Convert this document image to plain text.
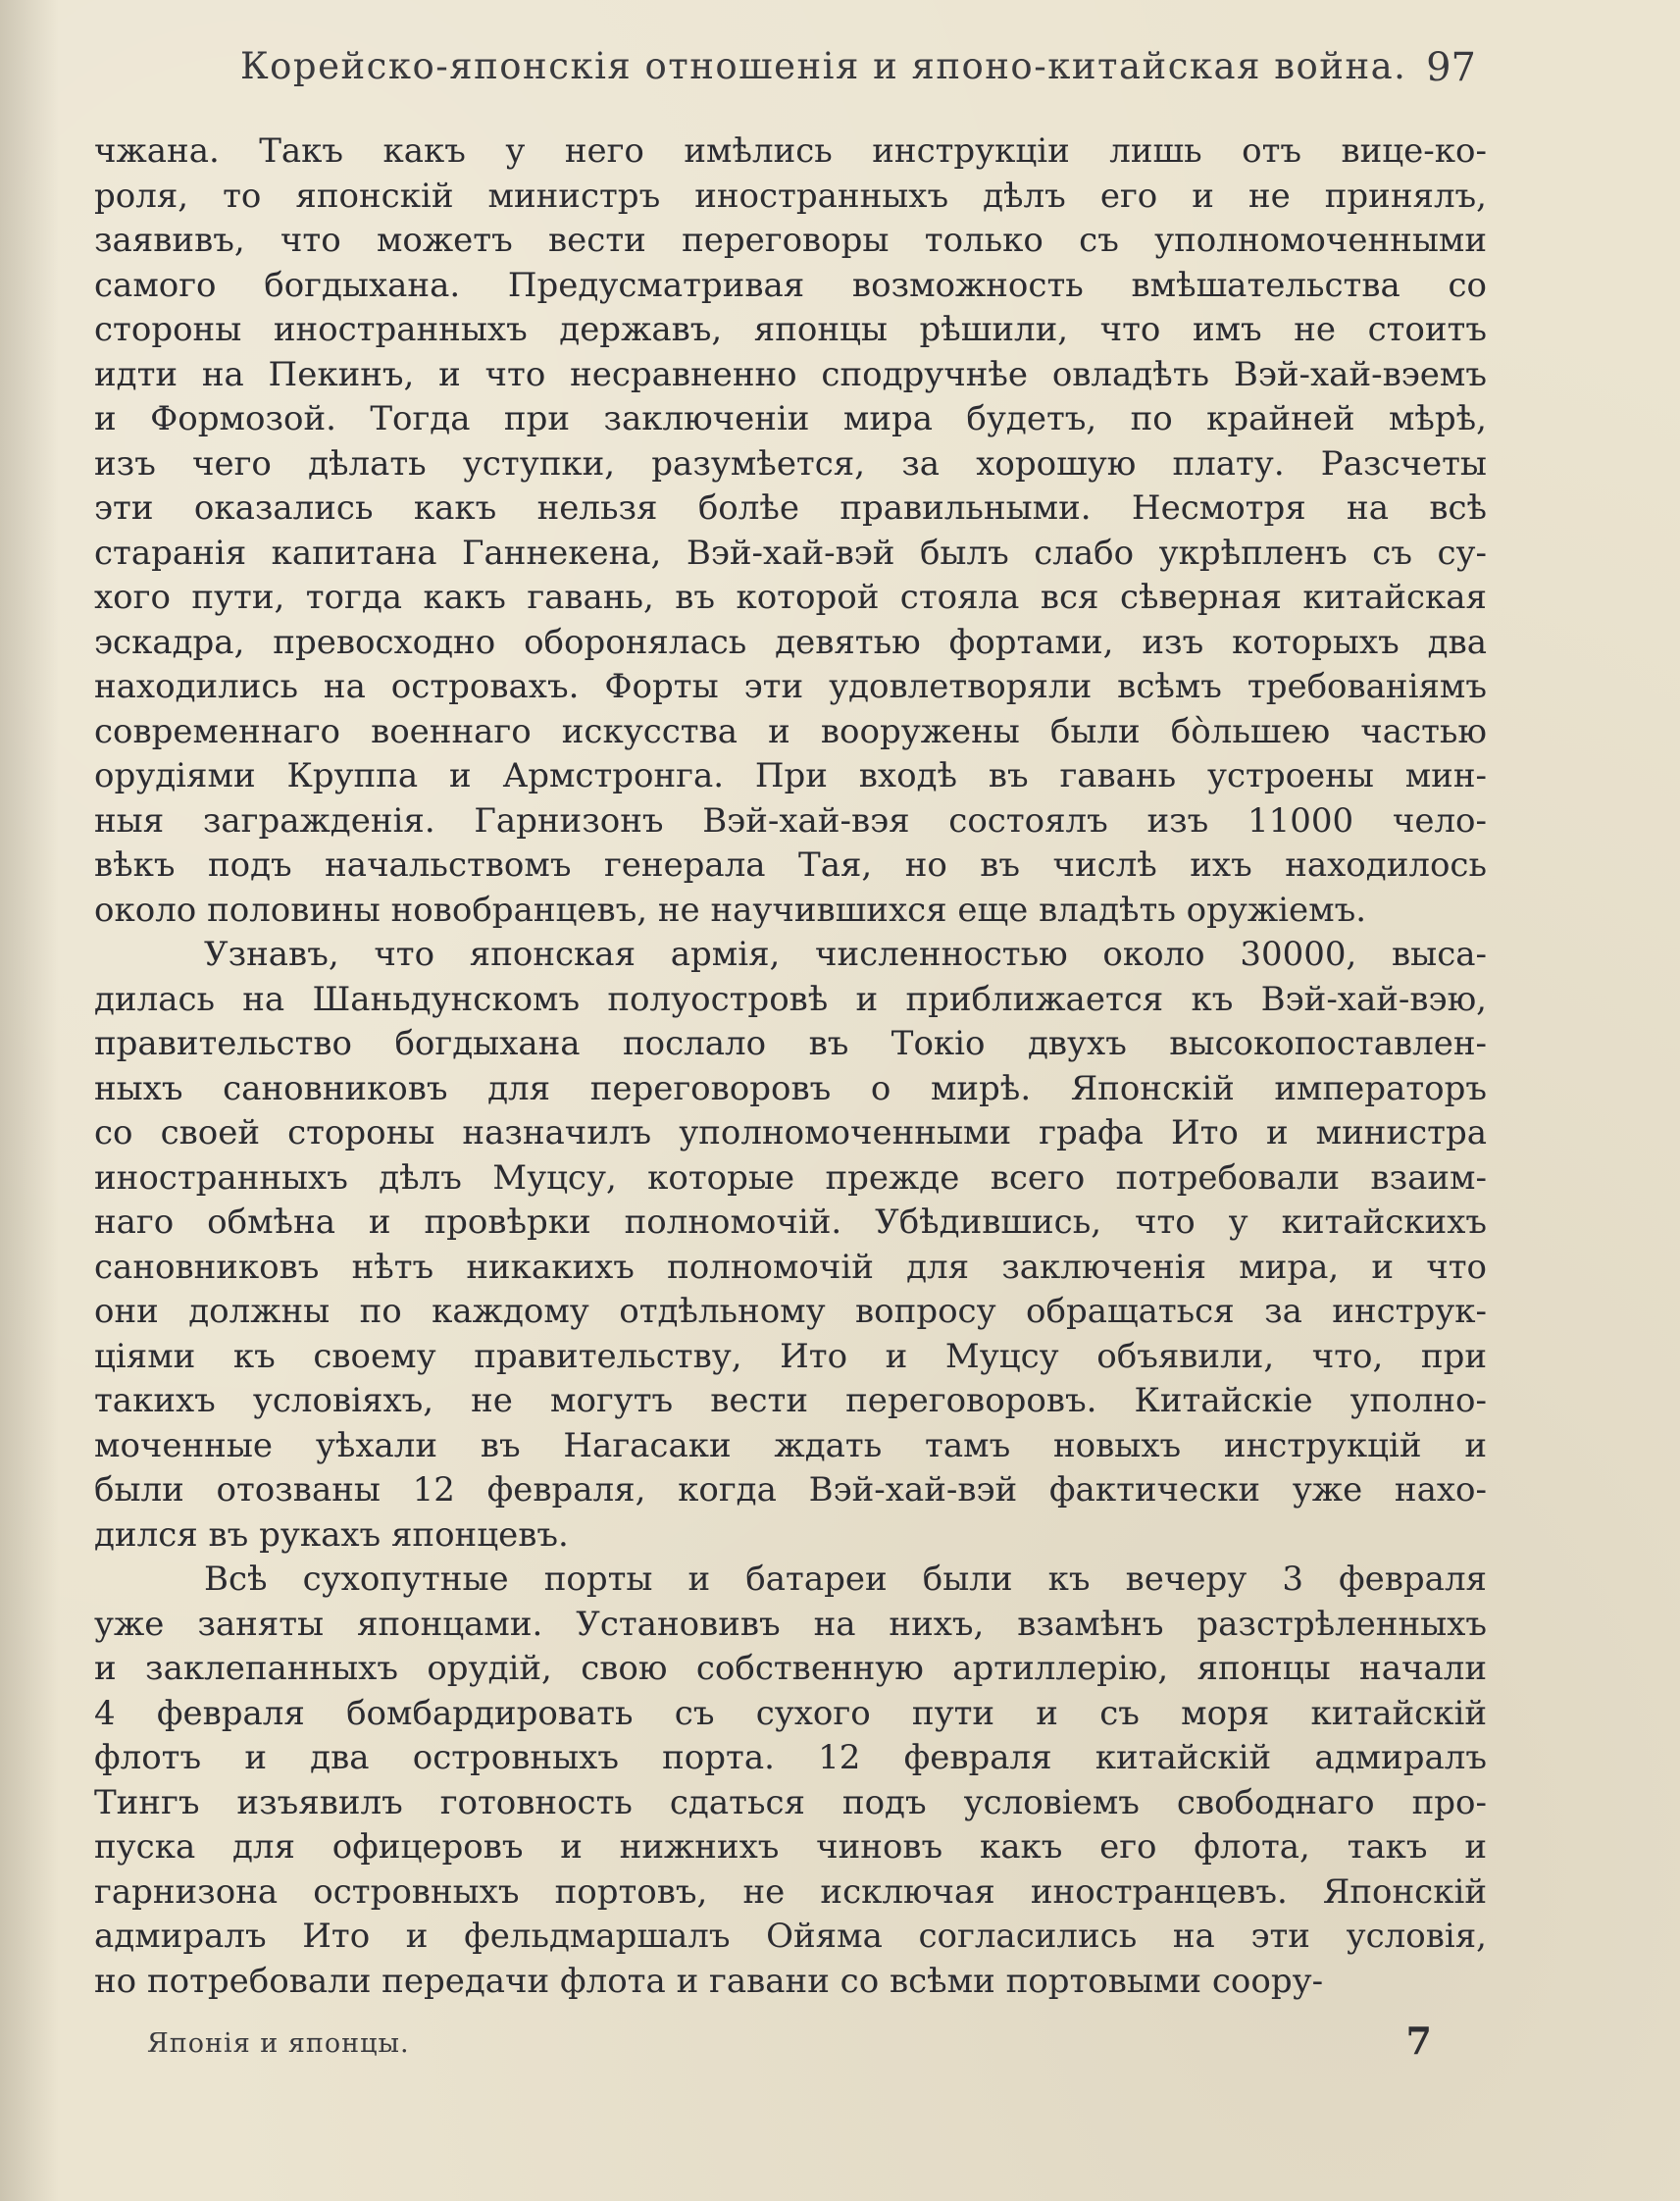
Корейско-японскія отношенія и японо-китайская война. 97
чжана. Такъ какъ у него имѣлись инструкціи лишь отъ вице-ко-
роля, то японскій министръ иностранныхъ дѣлъ его и не принялъ,
заявивъ, что можетъ вести переговоры только съ уполномоченными
самого богдыхана. Предусматривая возможность вмѣшательства со
стороны иностранныхъ державъ, японцы рѣшили, что имъ не стоитъ
идти на Пекинъ, и что несравненно сподручнѣе овладѣть Вэй-хай-вэемъ
и Формозой. Тогда при заключеніи мира будетъ, по крайней мѣрѣ,
изъ чего дѣлать уступки, разумѣется, за хорошую плату. Разсчеты
эти оказались какъ нельзя болѣе правильными. Несмотря на всѣ
старанія капитана Ганнекена, Вэй-хай-вэй былъ слабо укрѣпленъ съ су-
хого пути, тогда какъ гавань, въ которой стояла вся сѣверная китайская
эскадра, превосходно оборонялась девятью фортами, изъ которыхъ два
находились на островахъ. Форты эти удовлетворяли всѣмъ требованіямъ
современнаго военнаго искусства и вооружены были бо̀льшею частью
орудіями Круппа и Армстронга. При входѣ въ гавань устроены мин-
ныя загражденія. Гарнизонъ Вэй-хай-вэя состоялъ изъ 11000 чело-
вѣкъ подъ начальствомъ генерала Тая, но въ числѣ ихъ находилось
около половины новобранцевъ, не научившихся еще владѣть оружіемъ.
Узнавъ, что японская армія, численностью около 30000, выса-
дилась на Шаньдунскомъ полуостровѣ и приближается къ Вэй-хай-вэю,
правительство богдыхана послало въ Токіо двухъ высокопоставлен-
ныхъ сановниковъ для переговоровъ о мирѣ. Японскій императоръ
со своей стороны назначилъ уполномоченными графа Ито и министра
иностранныхъ дѣлъ Муцсу, которые прежде всего потребовали взаим-
наго обмѣна и провѣрки полномочій. Убѣдившись, что у китайскихъ
сановниковъ нѣтъ никакихъ полномочій для заключенія мира, и что
они должны по каждому отдѣльному вопросу обращаться за инструк-
ціями къ своему правительству, Ито и Муцсу объявили, что, при
такихъ условіяхъ, не могутъ вести переговоровъ. Китайскіе уполно-
моченные уѣхали въ Нагасаки ждать тамъ новыхъ инструкцій и
были отозваны 12 февраля, когда Вэй-хай-вэй фактически уже нахо-
дился въ рукахъ японцевъ.
Всѣ сухопутные порты и батареи были къ вечеру 3 февраля
уже заняты японцами. Установивъ на нихъ, взамѣнъ разстрѣленныхъ
и заклепанныхъ орудій, свою собственную артиллерію, японцы начали
4 февраля бомбардировать съ сухого пути и съ моря китайскій
флотъ и два островныхъ порта. 12 февраля китайскій адмиралъ
Тингъ изъявилъ готовность сдаться подъ условіемъ свободнаго про-
пуска для офицеровъ и нижнихъ чиновъ какъ его флота, такъ и
гарнизона островныхъ портовъ, не исключая иностранцевъ. Японскій
адмиралъ Ито и фельдмаршалъ Ойяма согласились на эти условія,
но потребовали передачи флота и гавани со всѣми портовыми соору-
Японія и японцы.	7
